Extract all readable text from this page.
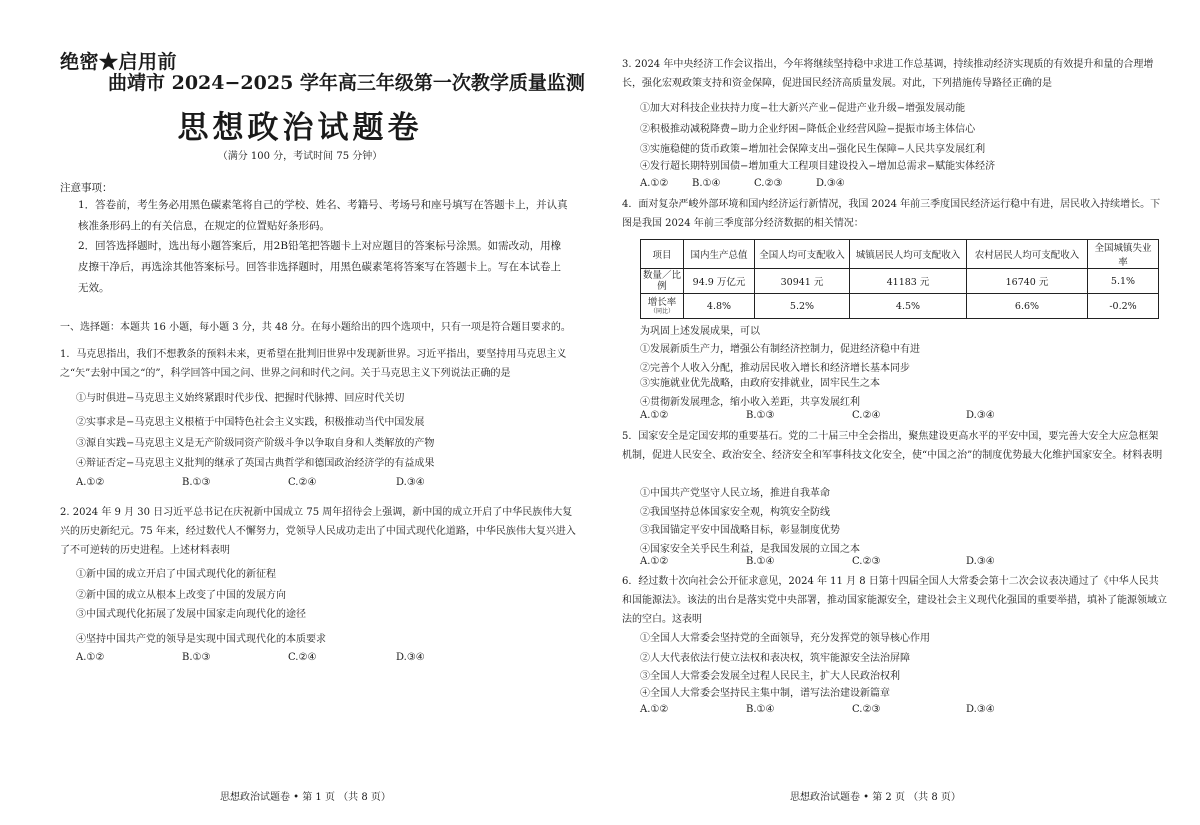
绝密★启用前
曲靖市 2024−2025 学年高三年级第一次教学质量监测
思想政治试题卷
（满分 100 分，考试时间 75 分钟）
注意事项：
1．答卷前，考生务必用黑色碳素笔将自己的学校、姓名、考籍号、考场号和座号填写在答题卡上，并认真核准条形码上的有关信息，在规定的位置贴好条形码。
2．回答选择题时，选出每小题答案后，用2B铅笔把答题卡上对应题目的答案标号涂黑。如需改动，用橡皮擦干净后，再选涂其他答案标号。回答非选择题时，用黑色碳素笔将答案写在答题卡上。写在本试卷上无效。
一、选择题：本题共 16 小题，每小题 3 分，共 48 分。在每小题给出的四个选项中，只有一项是符合题目要求的。
1．马克思指出，我们不想教条的预料未来，更希望在批判旧世界中发现新世界。习近平指出，要坚持用马克思主义之“矢”去射中国之“的”，科学回答中国之问、世界之问和时代之问。关于马克思主义下列说法正确的是
①与时俱进−马克思主义始终紧跟时代步伐、把握时代脉搏、回应时代关切
②实事求是−马克思主义根植于中国特色社会主义实践，积极推动当代中国发展
③源自实践−马克思主义是无产阶级同资产阶级斗争以争取自身和人类解放的产物
④辩证否定−马克思主义批判的继承了英国古典哲学和德国政治经济学的有益成果
A.①②	B.①③	C.②④	D.③④
2. 2024 年 9 月 30 日习近平总书记在庆祝新中国成立 75 周年招待会上强调，新中国的成立开启了中华民族伟大复兴的历史新纪元。75 年来，经过数代人不懈努力，党领导人民成功走出了中国式现代化道路，中华民族伟大复兴进入了不可逆转的历史进程。上述材料表明
①新中国的成立开启了中国式现代化的新征程
②新中国的成立从根本上改变了中国的发展方向
③中国式现代化拓展了发展中国家走向现代化的途径
④坚持中国共产党的领导是实现中国式现代化的本质要求
A.①②	B.①③	C.②④	D.③④
思想政治试题卷 • 第 1 页 （共 8 页）
3. 2024 年中央经济工作会议指出，今年将继续坚持稳中求进工作总基调，持续推动经济实现质的有效提升和量的合理增长，强化宏观政策支持和资金保障，促进国民经济高质量发展。对此，下列措施传导路径正确的是
①加大对科技企业扶持力度−壮大新兴产业−促进产业升级−增强发展动能
②积极推动减税降费−助力企业纾困−降低企业经营风险−提振市场主体信心
③实施稳健的货币政策−增加社会保障支出−强化民生保障−人民共享发展红利
④发行超长期特别国债−增加重大工程项目建设投入−增加总需求−赋能实体经济
A.①② B.①④	C.②③	D.③④
4．面对复杂严峻外部环境和国内经济运行新情况，我国 2024 年前三季度国民经济运行稳中有进，居民收入持续增长。下图是我国 2024 年前三季度部分经济数据的相关情况：
项目	国内生产总值	全国人均可支配收入	城镇居民人均可支配收入	农村居民人均可支配收入	全国城镇失业率
数量／比例	94.9 万亿元	30941 元	41183 元	16740 元	5.1%
增长率
（同比）	4.8%	5.2%	4.5%	6.6%	-0.2%
为巩固上述发展成果，可以
①发展新质生产力，增强公有制经济控制力，促进经济稳中有进
②完善个人收入分配，推动居民收入增长和经济增长基本同步
③实施就业优先战略，由政府安排就业，固牢民生之本
④贯彻新发展理念，缩小收入差距，共享发展红利
A.①②	B.①③	C.②④	D.③④
5．国家安全是定国安邦的重要基石。党的二十届三中全会指出，聚焦建设更高水平的平安中国，要完善大安全大应急框架机制，促进人民安全、政治安全、经济安全和军事科技文化安全，使“中国之治”的制度优势最大化维护国家安全。材料表明
①中国共产党坚守人民立场，推进自我革命
②我国坚持总体国家安全观，构筑安全防线
③我国锚定平安中国战略目标，彰显制度优势
④国家安全关乎民生利益，是我国发展的立国之本
A.①②	B.①④	C.②③	D.③④
6．经过数十次向社会公开征求意见，2024 年 11 月 8 日第十四届全国人大常委会第十二次会议表决通过了《中华人民共和国能源法》。该法的出台是落实党中央部署，推动国家能源安全，建设社会主义现代化强国的重要举措，填补了能源领域立法的空白。这表明
①全国人大常委会坚持党的全面领导，充分发挥党的领导核心作用
②人大代表依法行使立法权和表决权，筑牢能源安全法治屏障
③全国人大常委会发展全过程人民民主，扩大人民政治权利
④全国人大常委会坚持民主集中制，谱写法治建设新篇章
A.①②	B.①④	C.②③	D.③④
思想政治试题卷 • 第 2 页 （共 8 页）
